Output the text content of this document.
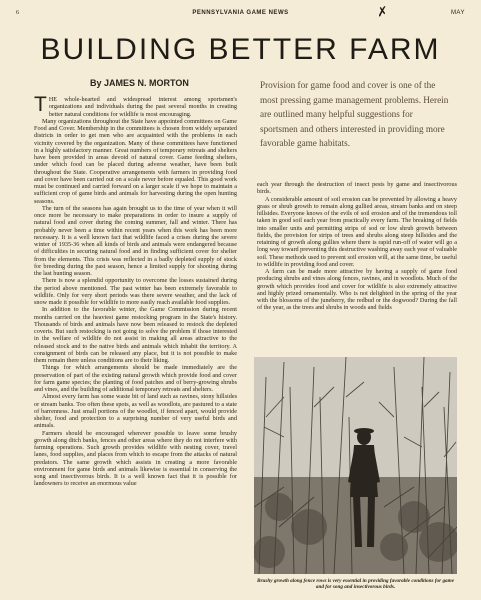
6	PENNSYLVANIA GAME NEWS	MAY
✗
BUILDING BETTER FARM
By JAMES N. MORTON	Provision for game food and cover is one of the most pressing game management problems. Herein are outlined many helpful suggestions for sportsmen and others interested in providing more favorable game habitats.

THE whole-hearted and widespread interest among sportsmen's organizations and individuals during the past several months in creating better natural conditions for wildlife is most encouraging.

Many organizations throughout the State have appointed committees on Game Food and Cover. Membership in the committees is chosen from widely separated districts in order to get men who are acquainted with the problems in each vicinity covered by the organization. Many of these committees have functioned in a highly satisfactory manner. Great numbers of temporary retreats and shelters have been provided in areas devoid of natural cover. Game feeding shelters, under which food can be placed during adverse weather, have been built throughout the State. Cooperative arrangements with farmers in providing food and cover have been carried out on a scale never before equaled. This good work must be continued and carried forward on a larger scale if we hope to maintain a sufficient crop of game birds and animals for harvesting during the open hunting seasons.

The turn of the seasons has again brought us to the time of year when it will once more be necessary to make preparations in order to insure a supply of natural food and cover during the coming summer, fall and winter. There has probably never been a time within recent years when this work has been more necessary. It is a well known fact that wildlife faced a crises during the severe winter of 1935-36 when all kinds of birds and animals were endangered because of difficulties in securing natural food and in finding sufficient cover for shelter from the elements. This crisis was reflected in a badly depleted supply of stock for breeding during the past season, hence a limited supply for shooting during the last hunting season.

There is now a splendid opportunity to overcome the losses sustained during the period above mentioned. The past winter has been extremely favorable to wildlife. Only for very short periods was there severe weather, and the lack of snow made it possible for wildlife to more easily reach available food supplies.

In addition to the favorable winter, the Game Commission during recent months carried on the heaviest game restocking program in the State's history. Thousands of birds and animals have now been released to restock the depleted coverts. But such restocking is not going to solve the problem if those interested in the welfare of wildlife do not assist in making all areas attractive to the released stock and to the native birds and animals which inhabit the territory. A consignment of birds can be released any place, but it is not possible to make them remain there unless conditions are to their liking.

Things for which arrangements should be made immediately are the preservation of part of the existing natural growth which provide food and cover for farm game species; the planting of food patches and of berry-growing shrubs and vines, and the building of additional temporary retreats and shelters.

Almost every farm has some waste bit of land such as ravines, stony hillsides or stream banks. Too often these spots, as well as woodlots, are pastured to a state of barrenness. Just small portions of the woodlot, if fenced apart, would provide shelter, food and protection to a surprising number of very useful birds and animals.

Farmers should be encouraged wherever possible to leave some brushy growth along ditch banks, fences and other areas where they do not interfere with farming operations. Such growth provides wildlife with nesting cover, travel lanes, food supplies, and places from which to escape from the attacks of natural predators. The same growth which assists in creating a more favorable environment for game birds and animals likewise is essential in conserving the song and insectivorous birds. It is a well known fact that it is possible for landowners to receive an enormous value

each year through the destruction of insect pests by game and insectivorous birds.

A considerable amount of soil erosion can be prevented by allowing a heavy grass or shrub growth to remain along gullied areas, stream banks and on steep hillsides. Everyone knows of the evils of soil erosion and of the tremendous toll taken in good soil each year from practically every farm. The breaking of fields into smaller units and permitting strips of sod or low shrub growth between fields, the provision for strips of trees and shrubs along steep hillsides and the retaining of growth along gullies where there is rapid run-off of water will go a long way toward preventing this destructive washing away each year of valuable soil. These methods used to prevent soil erosion will, at the same time, be useful to wildlife in providing food and cover.

A farm can be made more attractive by having a supply of game food producing shrubs and vines along fences, ravines, and in woodlots. Much of the growth which provides food and cover for wildlife is also extremely attractive and highly prized ornamentally. Who is not delighted in the spring of the year with the blossoms of the juneberry, the redbud or the dogwood? During the fall of the year, as the trees and shrubs in woods and fields

Brushy growth along fence rows is very essential in providing favorable conditions for game and for song and insectivorous birds.
